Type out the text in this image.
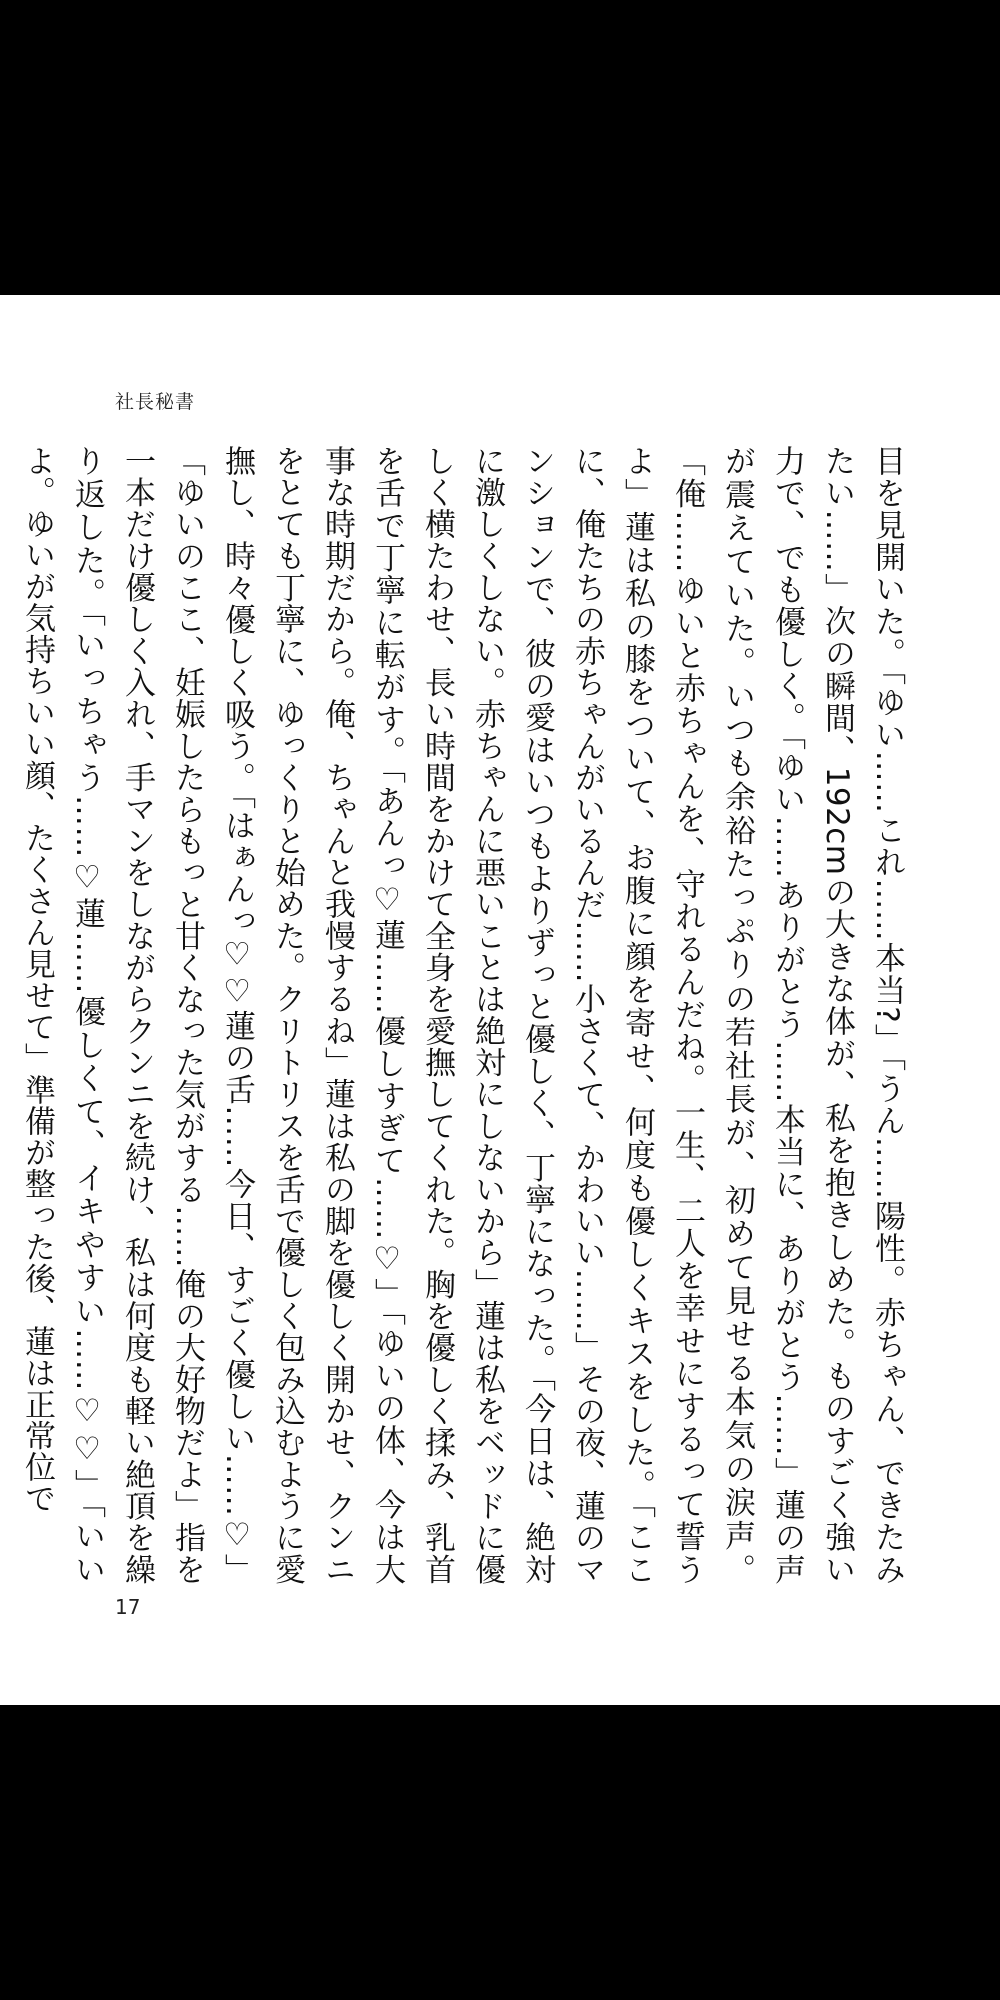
社長秘書

目を見開いた。「ゆい……これ……本当?」「うん……陽性。赤ちゃん、できたみたい……」次の瞬間、192cmの大きな体が、私を抱きしめた。ものすごく強い力で、でも優しく。「ゆい……ありがとう……本当に、ありがとう……」蓮の声が震えていた。いつも余裕たっぷりの若社長が、初めて見せる本気の涙声。「俺……ゆいと赤ちゃんを、守れるんだね。一生、二人を幸せにするって誓うよ」蓮は私の膝をついて、お腹に顔を寄せ、何度も優しくキスをした。「ここに、俺たちの赤ちゃんがいるんだ……小さくて、かわいい……」その夜、蓮のマンションで、彼の愛はいつもよりずっと優しく、丁寧になった。「今日は、絶対に激しくしない。赤ちゃんに悪いことは絶対にしないから」蓮は私をベッドに優しく横たわせ、長い時間をかけて全身を愛撫してくれた。胸を優しく揉み、乳首を舌で丁寧に転がす。「あんっ♡蓮……優しすぎて……♡」「ゆいの体、今は大事な時期だから。俺、ちゃんと我慢するね」蓮は私の脚を優しく開かせ、クンニをとても丁寧に、ゆっくりと始めた。クリトリスを舌で優しく包み込むように愛撫し、時々優しく吸う。「はぁんっ♡♡蓮の舌……今日、すごく優しい……♡」「ゆいのここ、妊娠したらもっと甘くなった気がする……俺の大好物だよ」指を一本だけ優しく入れ、手マンをしながらクンニを続け、私は何度も軽い絶頂を繰り返した。「いっちゃう……♡蓮……優しくて、イキやすい……♡♡」「いいよ。ゆいが気持ちいい顔、たくさん見せて」準備が整った後、蓮は正常位で

17
